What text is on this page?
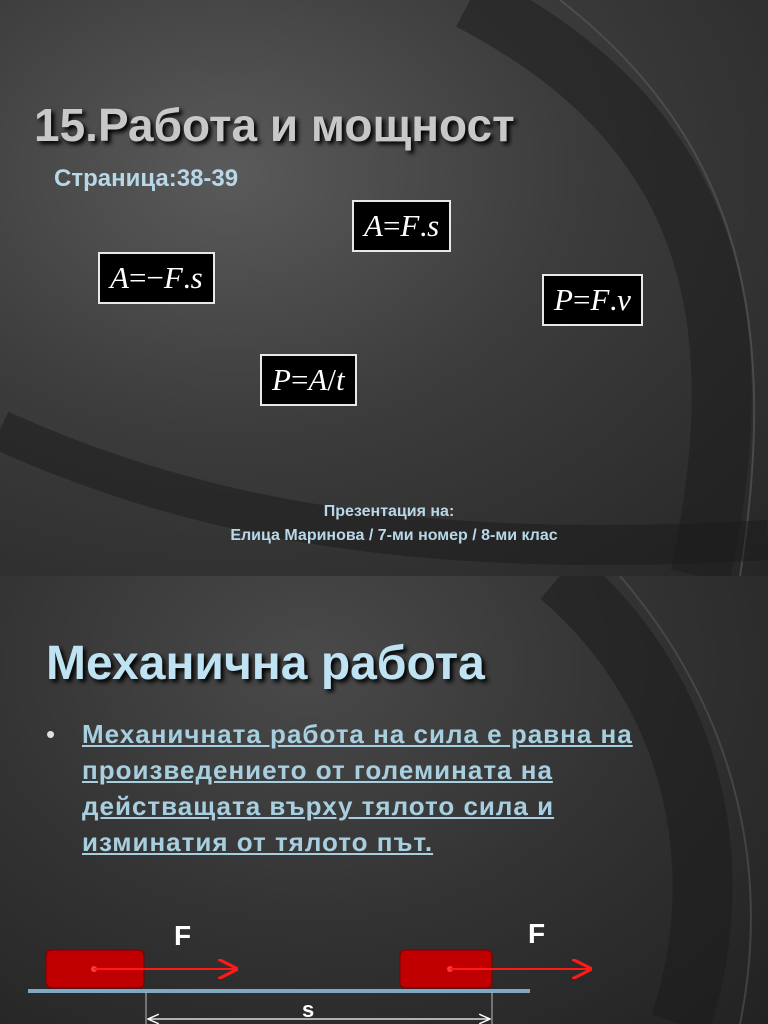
15.Работа и мощност

Страница:38-39

A=−F.s
A=F.s
P=F.v
P=A/t

Презентация на:
Елица Маринова / 7-ми номер / 8-ми клас

Механична работа
• Механичната работа на сила е равна на произведението от големината на действащата върху тялото сила и изминатия от тялото път.
F	F
s
